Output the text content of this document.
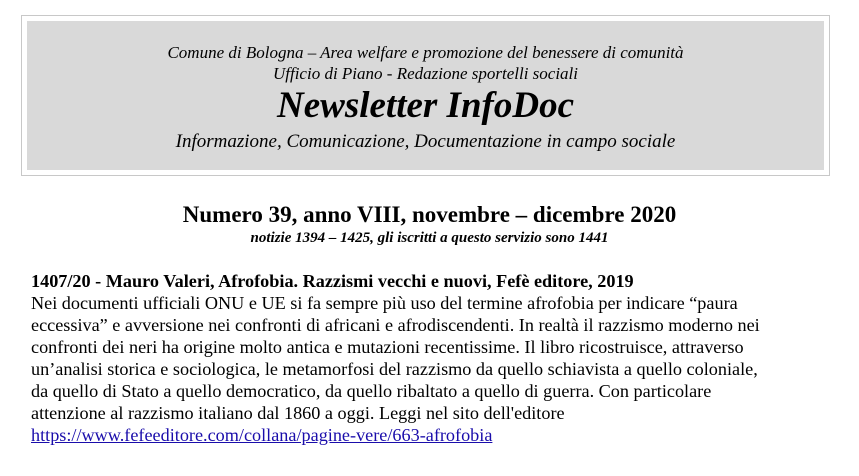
Comune di Bologna – Area welfare e promozione del benessere di comunità
Ufficio di Piano - Redazione sportelli sociali
Newsletter InfoDoc
Informazione, Comunicazione, Documentazione in campo sociale
Numero 39, anno VIII, novembre – dicembre 2020
notizie 1394 – 1425, gli iscritti a questo servizio sono 1441
1407/20 - Mauro Valeri, Afrofobia. Razzismi vecchi e nuovi, Fefè editore, 2019
Nei documenti ufficiali ONU e UE si fa sempre più uso del termine afrofobia per indicare “paura
eccessiva” e avversione nei confronti di africani e afrodiscendenti. In realtà il razzismo moderno nei
confronti dei neri ha origine molto antica e mutazioni recentissime. Il libro ricostruisce, attraverso
un’analisi storica e sociologica, le metamorfosi del razzismo da quello schiavista a quello coloniale,
da quello di Stato a quello democratico, da quello ribaltato a quello di guerra. Con particolare
attenzione al razzismo italiano dal 1860 a oggi. Leggi nel sito dell'editore
https://www.fefeeditore.com/collana/pagine-vere/663-afrofobia
